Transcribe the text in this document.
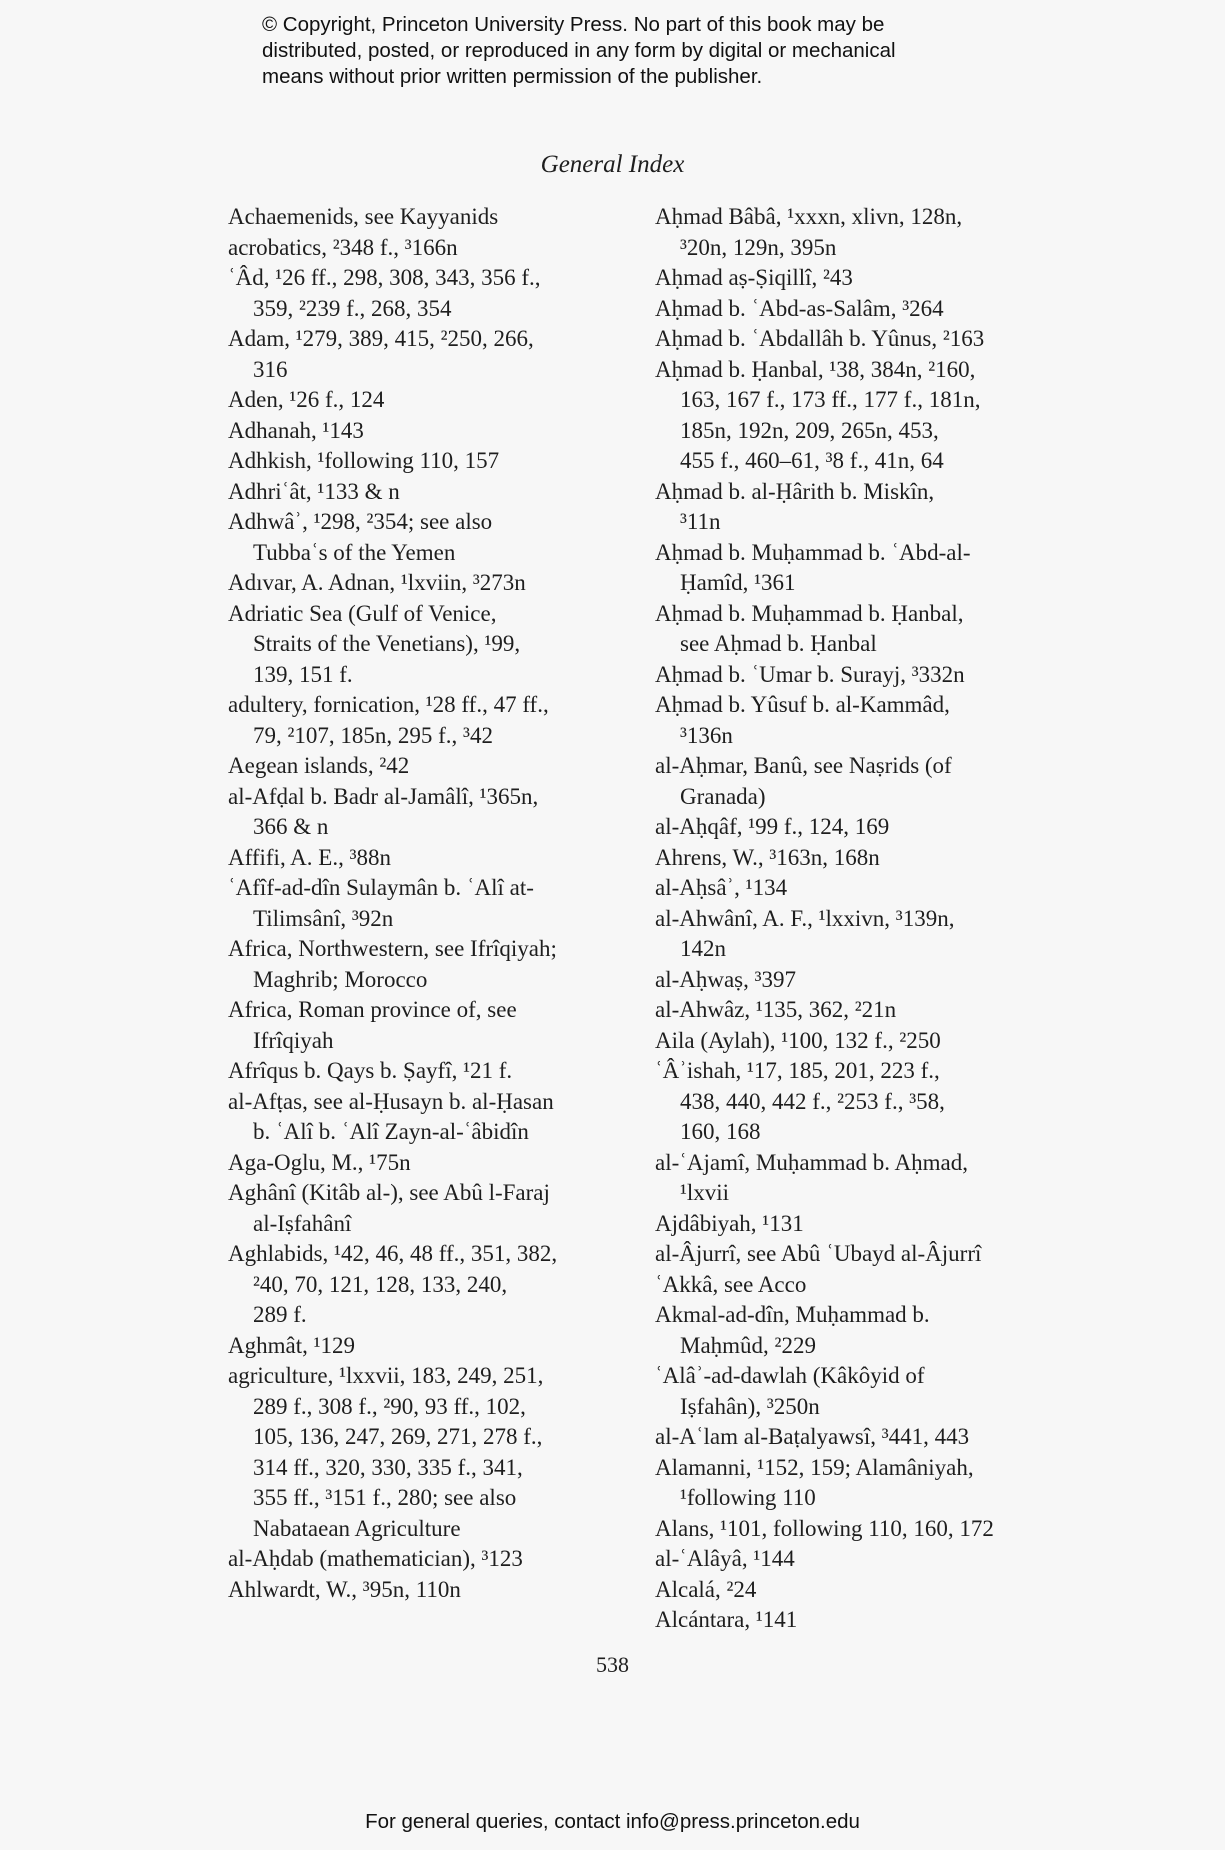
© Copyright, Princeton University Press. No part of this book may be
distributed, posted, or reproduced in any form by digital or mechanical
means without prior written permission of the publisher.
General Index
Achaemenids, see Kayyanids
acrobatics, ²348 f., ³166n
ʿÂd, ¹26 ff., 298, 308, 343, 356 f.,
359, ²239 f., 268, 354
Adam, ¹279, 389, 415, ²250, 266,
316
Aden, ¹26 f., 124
Adhanah, ¹143
Adhkish, ¹following 110, 157
Adhriʿât, ¹133 & n
Adhwâʾ, ¹298, ²354; see also
Tubbaʿs of the Yemen
Adıvar, A. Adnan, ¹lxviin, ³273n
Adriatic Sea (Gulf of Venice,
Straits of the Venetians), ¹99,
139, 151 f.
adultery, fornication, ¹28 ff., 47 ff.,
79, ²107, 185n, 295 f., ³42
Aegean islands, ²42
al-Afḍal b. Badr al-Jamâlî, ¹365n,
366 & n
Affifi, A. E., ³88n
ʿAfîf-ad-dîn Sulaymân b. ʿAlî at-
Tilimsânî, ³92n
Africa, Northwestern, see Ifrîqiyah;
Maghrib; Morocco
Africa, Roman province of, see
Ifrîqiyah
Afrîqus b. Qays b. Ṣayfî, ¹21 f.
al-Afṭas, see al-Ḥusayn b. al-Ḥasan
b. ʿAlî b. ʿAlî Zayn-al-ʿâbidîn
Aga-Oglu, M., ¹75n
Aghânî (Kitâb al-), see Abû l-Faraj
al-Iṣfahânî
Aghlabids, ¹42, 46, 48 ff., 351, 382,
²40, 70, 121, 128, 133, 240,
289 f.
Aghmât, ¹129
agriculture, ¹lxxvii, 183, 249, 251,
289 f., 308 f., ²90, 93 ff., 102,
105, 136, 247, 269, 271, 278 f.,
314 ff., 320, 330, 335 f., 341,
355 ff., ³151 f., 280; see also
Nabataean Agriculture
al-Aḥdab (mathematician), ³123
Ahlwardt, W., ³95n, 110n
Aḥmad Bâbâ, ¹xxxn, xlivn, 128n,
³20n, 129n, 395n
Aḥmad aṣ-Ṣiqillî, ²43
Aḥmad b. ʿAbd-as-Salâm, ³264
Aḥmad b. ʿAbdallâh b. Yûnus, ²163
Aḥmad b. Ḥanbal, ¹38, 384n, ²160,
163, 167 f., 173 ff., 177 f., 181n,
185n, 192n, 209, 265n, 453,
455 f., 460–61, ³8 f., 41n, 64
Aḥmad b. al-Ḥârith b. Miskîn,
³11n
Aḥmad b. Muḥammad b. ʿAbd-al-
Ḥamîd, ¹361
Aḥmad b. Muḥammad b. Ḥanbal,
see Aḥmad b. Ḥanbal
Aḥmad b. ʿUmar b. Surayj, ³332n
Aḥmad b. Yûsuf b. al-Kammâd,
³136n
al-Aḥmar, Banû, see Naṣrids (of
Granada)
al-Aḥqâf, ¹99 f., 124, 169
Ahrens, W., ³163n, 168n
al-Aḥsâʾ, ¹134
al-Ahwânî, A. F., ¹lxxivn, ³139n,
142n
al-Aḥwaṣ, ³397
al-Ahwâz, ¹135, 362, ²21n
Aila (Aylah), ¹100, 132 f., ²250
ʿÂʾishah, ¹17, 185, 201, 223 f.,
438, 440, 442 f., ²253 f., ³58,
160, 168
al-ʿAjamî, Muḥammad b. Aḥmad,
¹lxvii
Ajdâbiyah, ¹131
al-Âjurrî, see Abû ʿUbayd al-Âjurrî
ʿAkkâ, see Acco
Akmal-ad-dîn, Muḥammad b.
Maḥmûd, ²229
ʿAlâʾ-ad-dawlah (Kâkôyid of
Iṣfahân), ³250n
al-Aʿlam al-Baṭalyawsî, ³441, 443
Alamanni, ¹152, 159; Alamâniyah,
¹following 110
Alans, ¹101, following 110, 160, 172
al-ʿAlâyâ, ¹144
Alcalá, ²24
Alcántara, ¹141
538
For general queries, contact info@press.princeton.edu
